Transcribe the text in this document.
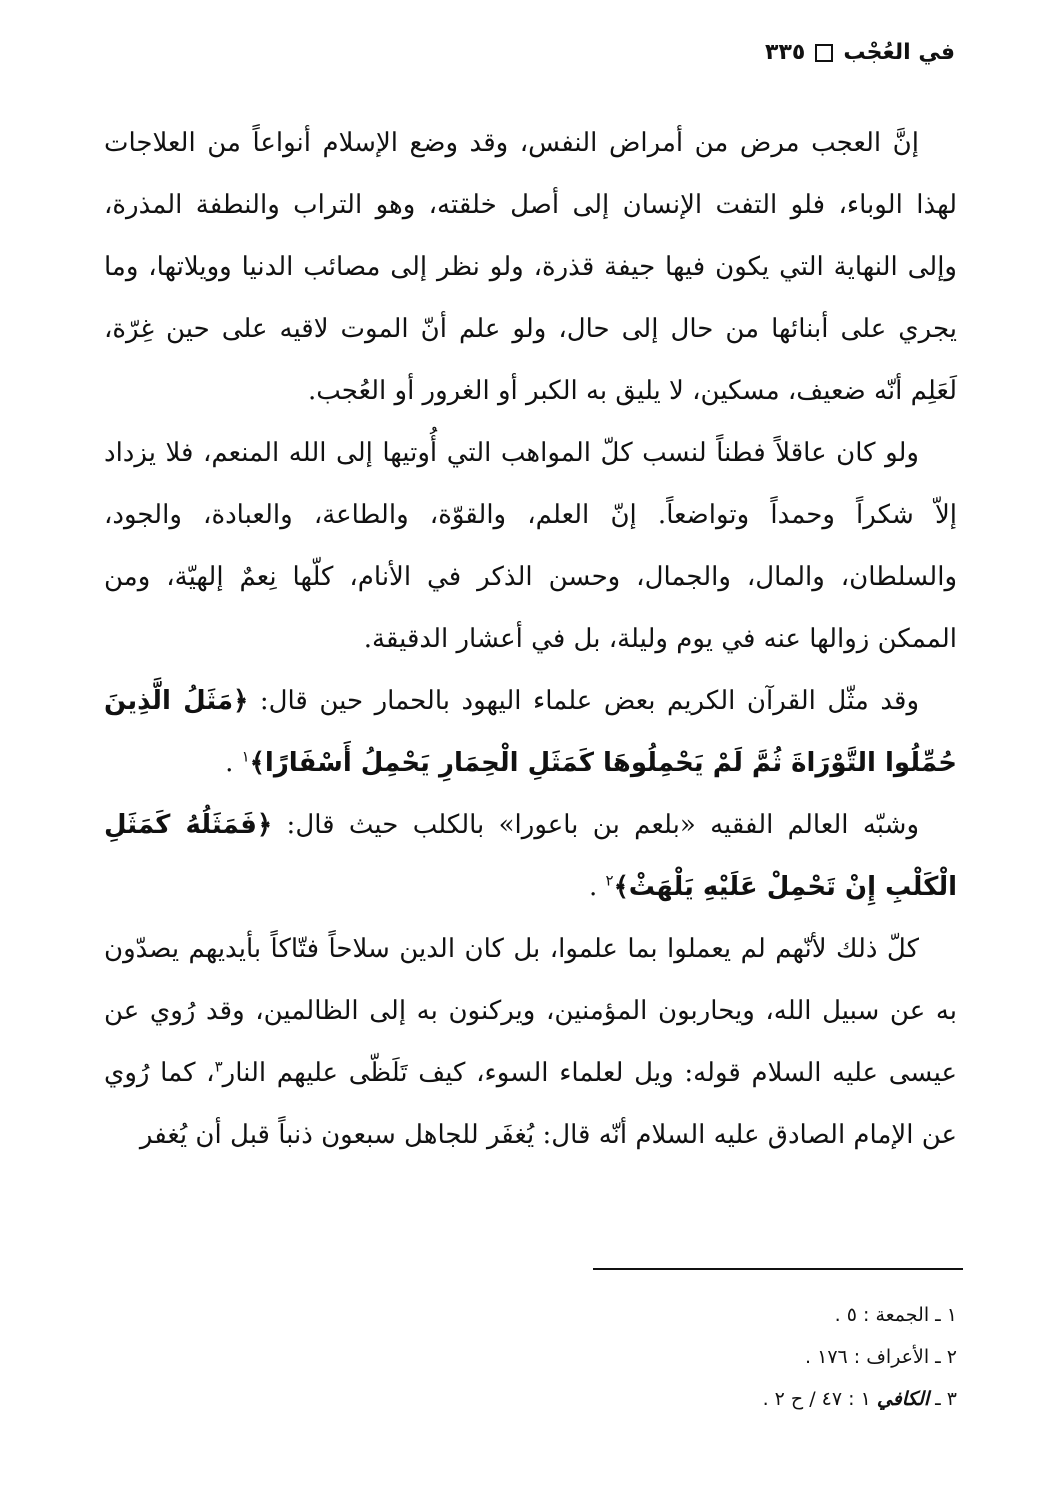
في العُجْب
٣٣٥

إنَّ العجب مرض من أمراض النفس، وقد وضع الإسلام أنواعاً من العلاجات لهذا الوباء، فلو التفت الإنسان إلى أصل خلقته، وهو التراب والنطفة المذرة، وإلى النهاية التي يكون فيها جيفة قذرة، ولو نظر إلى مصائب الدنيا وويلاتها، وما يجري على أبنائها من حال إلى حال، ولو علم أنّ الموت لاقيه على حين غِرّة، لَعَلِم أنّه ضعيف، مسكين، لا يليق به الكبر أو الغرور أو العُجب.

ولو كان عاقلاً فطناً لنسب كلّ المواهب التي أُوتيها إلى الله المنعم، فلا يزداد إلاّ شكراً وحمداً وتواضعاً. إنّ العلم، والقوّة، والطاعة، والعبادة، والجود، والسلطان، والمال، والجمال، وحسن الذكر في الأنام، كلّها نِعمٌ إلهيّة، ومن الممكن زوالها عنه في يوم وليلة، بل في أعشار الدقيقة.

وقد مثّل القرآن الكريم بعض علماء اليهود بالحمار حين قال: ﴿مَثَلُ الَّذِينَ حُمِّلُوا التَّوْرَاةَ ثُمَّ لَمْ يَحْمِلُوهَا كَمَثَلِ الْحِمَارِ يَحْمِلُ أَسْفَارًا﴾$^١$ .

وشبّه العالم الفقيه «بلعم بن باعورا» بالكلب حيث قال: ﴿فَمَثَلُهُ كَمَثَلِ الْكَلْبِ إِنْ تَحْمِلْ عَلَيْهِ يَلْهَثْ﴾$^٢$ .

كلّ ذلك لأنّهم لم يعملوا بما علموا، بل كان الدين سلاحاً فتّاكاً بأيديهم يصدّون به عن سبيل الله، ويحاربون المؤمنين، ويركنون به إلى الظالمين، وقد رُوي عن عيسى عليه السلام قوله: ويل لعلماء السوء، كيف تَلَظّى عليهم النار$^٣$، كما رُوي عن الإمام الصادق عليه السلام أنّه قال: يُغفَر للجاهل سبعون ذنباً قبل أن يُغفر

١ ـ الجمعة : ٥ .
٢ ـ الأعراف : ١٧٦ .
٣ ـ الكافي ١ : ٤٧ / ح ٢ .
